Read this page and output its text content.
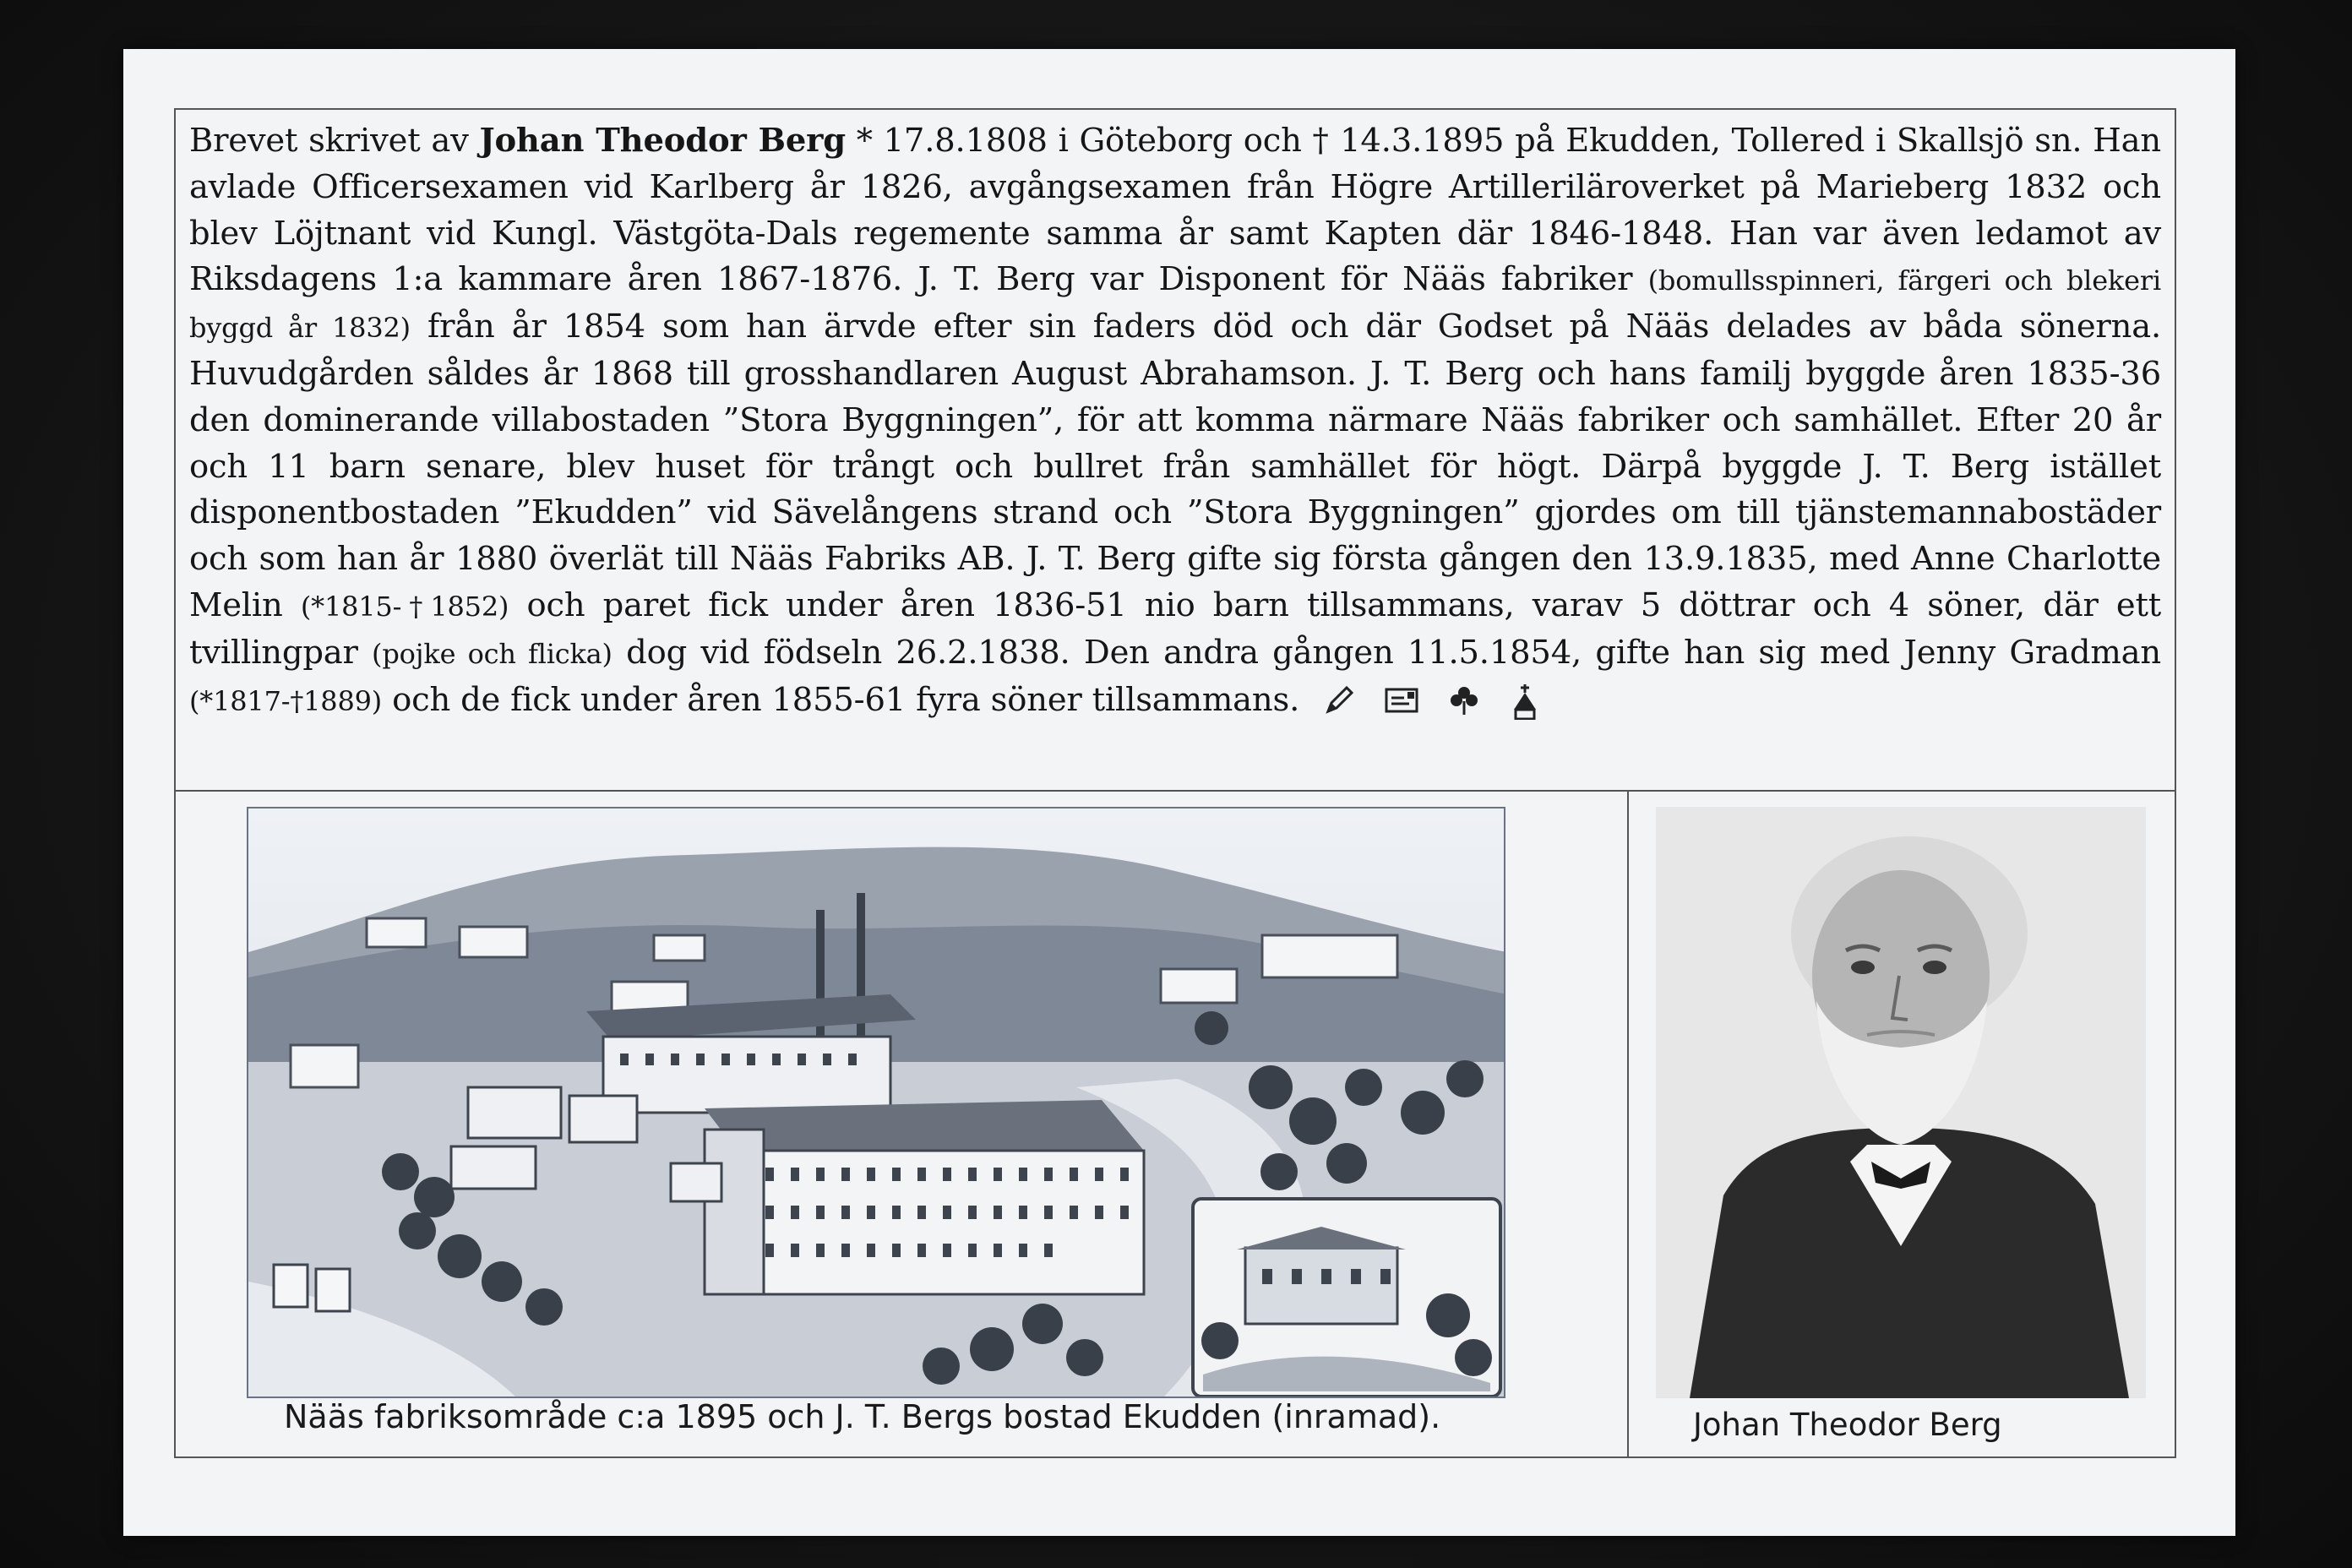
Brevet skrivet av Johan Theodor Berg * 17.8.1808 i Göteborg och † 14.3.1895 på Ekudden, Tollered i Skallsjö sn. Han avlade Officersexamen vid Karlberg år 1826, avgångsexamen från Högre Artilleriläroverket på Marieberg 1832 och blev Löjtnant vid Kungl. Västgöta-Dals regemente samma år samt Kapten där 1846-1848. Han var även ledamot av Riksdagens 1:a kammare åren 1867-1876. J. T. Berg var Disponent för Nääs fabriker (bomullsspinneri, färgeri och blekeri byggd år 1832) från år 1854 som han ärvde efter sin faders död och där Godset på Nääs delades av båda sönerna. Huvudgården såldes år 1868 till grosshandlaren August Abrahamson. J. T. Berg och hans familj byggde åren 1835-36 den dominerande villabostaden ”Stora Byggningen”, för att komma närmare Nääs fabriker och samhället. Efter 20 år och 11 barn senare, blev huset för trångt och bullret från samhället för högt. Därpå byggde J. T. Berg istället disponentbostaden ”Ekudden” vid Sävelångens strand och ”Stora Byggningen” gjordes om till tjänstemannabostäder och som han år 1880 överlät till Nääs Fabriks AB. J. T. Berg gifte sig första gången den 13.9.1835, med Anne Charlotte Melin (*1815-†1852) och paret fick under åren 1836-51 nio barn tillsammans, varav 5 döttrar och 4 söner, där ett tvillingpar (pojke och flicka) dog vid födseln 26.2.1838. Den andra gången 11.5.1854, gifte han sig med Jenny Gradman (*1817-†1889) och de fick under åren 1855-61 fyra söner tillsammans.

Nääs fabriksområde c:a 1895 och J. T. Bergs bostad Ekudden (inramad).	Johan Theodor Berg
